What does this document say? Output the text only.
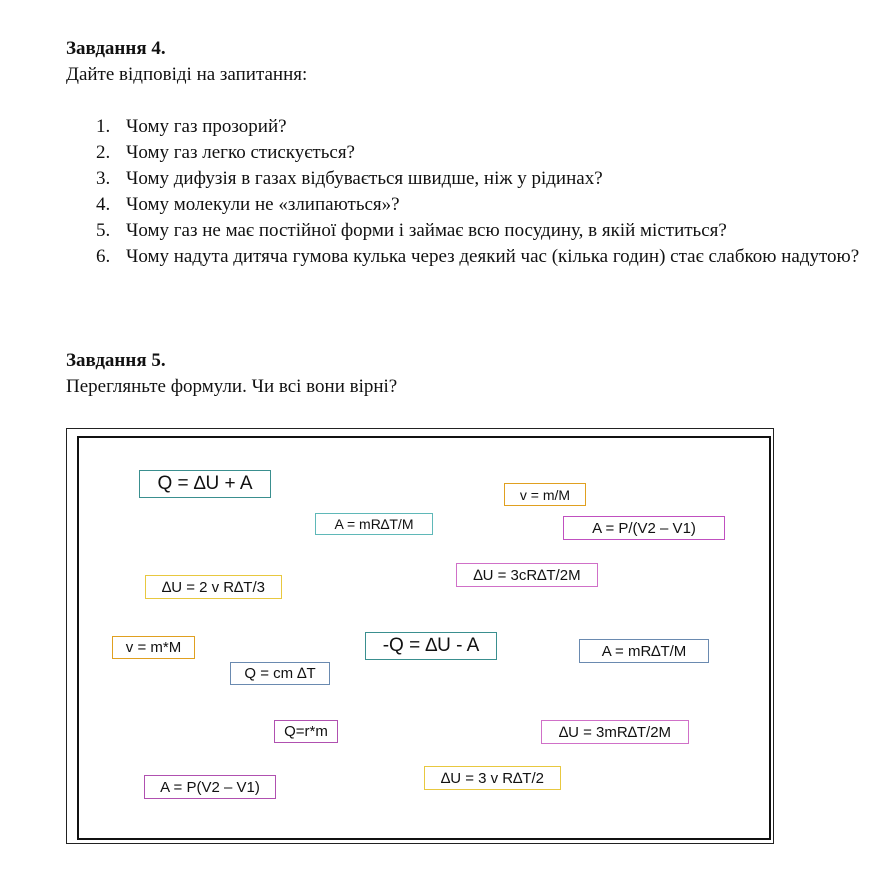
Завдання 4.
Дайте відповіді на запитання:
1. Чому газ прозорий?
2. Чому газ легко стискується?
3. Чому дифузія в газах відбувається швидше, ніж у рідинах?
4. Чому молекули не «злипаються»?
5. Чому газ не має постійної форми і займає всю посудину, в якій міститься?
6. Чому надута дитяча гумова кулька через деякий час (кілька годин) стає слабкою надутою?
Завдання 5.
Перегляньте формули. Чи всі вони вірні?
Q = ∆U + A
v = m/M
A = mR∆T/M	A = P/(V2 – V1)
∆U = 3cR∆T/2M
∆U = 2 v R∆T/3
v = m*M	-Q = ∆U - A	A = mR∆T/M
Q = cm ∆T
Q=r*m	∆U = 3mR∆T/2M
∆U = 3 v R∆T/2
A = P(V2 – V1)
